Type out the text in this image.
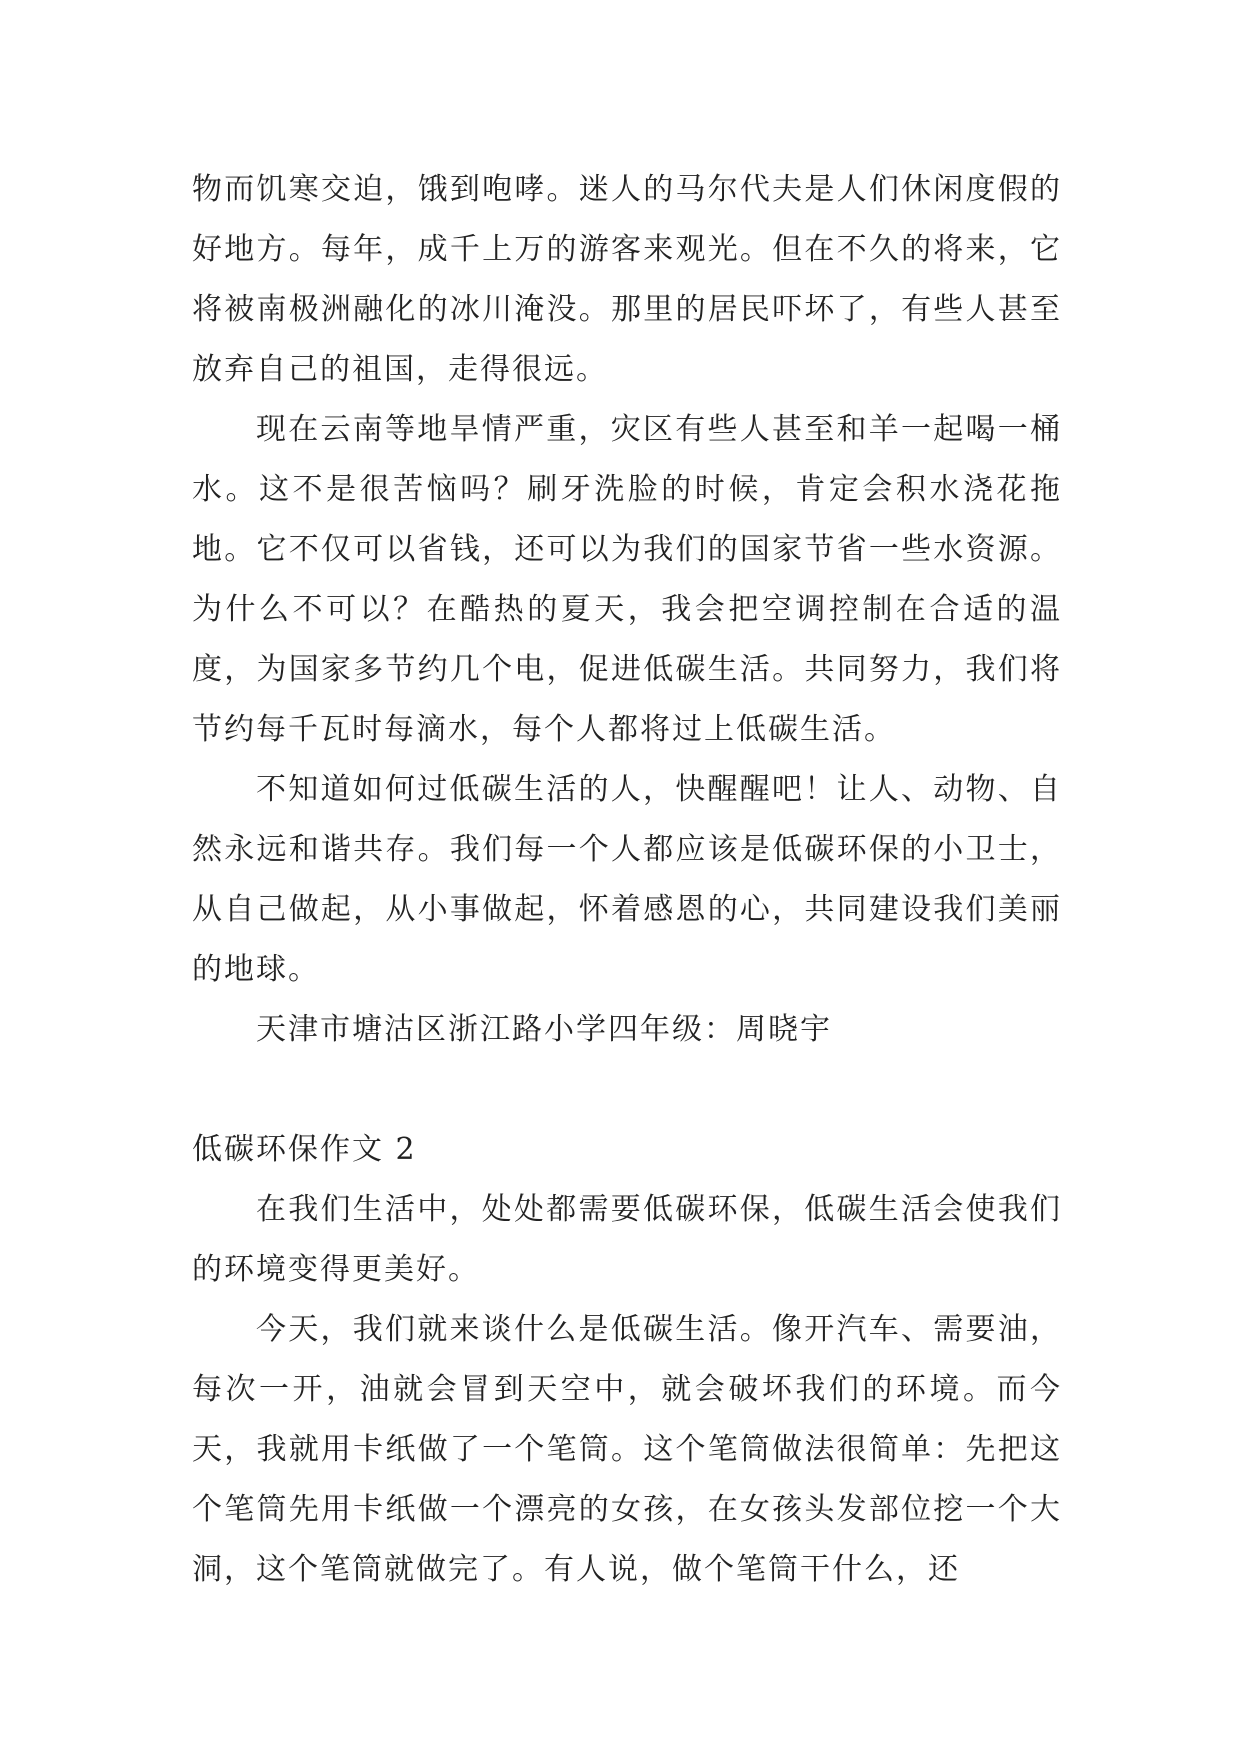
物而饥寒交迫，饿到咆哮。迷人的马尔代夫是人们休闲度假的好地方。每年，成千上万的游客来观光。但在不久的将来，它将被南极洲融化的冰川淹没。那里的居民吓坏了，有些人甚至放弃自己的祖国，走得很远。

现在云南等地旱情严重，灾区有些人甚至和羊一起喝一桶水。这不是很苦恼吗？刷牙洗脸的时候，肯定会积水浇花拖地。它不仅可以省钱，还可以为我们的国家节省一些水资源。为什么不可以？在酷热的夏天，我会把空调控制在合适的温度，为国家多节约几个电，促进低碳生活。共同努力，我们将节约每千瓦时每滴水，每个人都将过上低碳生活。

不知道如何过低碳生活的人，快醒醒吧！让人、动物、自然永远和谐共存。我们每一个人都应该是低碳环保的小卫士，从自己做起，从小事做起，怀着感恩的心，共同建设我们美丽的地球。

天津市塘沽区浙江路小学四年级：周晓宇

低碳环保作文 2

在我们生活中，处处都需要低碳环保，低碳生活会使我们的环境变得更美好。

今天，我们就来谈什么是低碳生活。像开汽车、需要油，每次一开，油就会冒到天空中，就会破坏我们的环境。而今天，我就用卡纸做了一个笔筒。这个笔筒做法很简单：先把这个笔筒先用卡纸做一个漂亮的女孩，在女孩头发部位挖一个大洞，这个笔筒就做完了。有人说，做个笔筒干什么，还
